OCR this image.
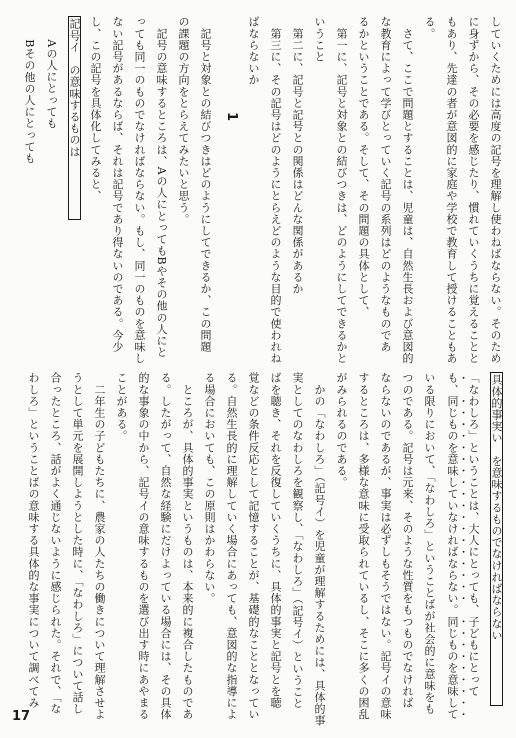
していくためには高度の記号を理解し使わねばならない。そのため
に身ずから、その必要を感じたり、慣れていくうちに覚えることと
もあり、先達の者が意図的に家庭や学校で教育して授けることもあ
る。
　さて、ここで問題とすることは、児童は、自然生長および意図的
な教育によって学びとっていく記号の系列はどのようなものであ
るかということである。そして、その問題の具体として、
　第一に、記号と対象との結びつきは、どのようにしてできるかと
いうこと
　第二に、記号と記号との関係はどんな関係があるか
　第三に、その記号はどのようにとらえどのような目的で使われね
ばならないか
1
　記号と対象との結びつきはどのようにしてできるか、この問題
の課題の方向をとらえてみたいと思う。
　記号の意味するところは、Aの人にとってもBやその他の人にと
っても同一のものでなければならない。もし、同一のものを意味し
ない記号があるならば、それは記号であり得ないのである。今少
し、この記号を具体化してみると、
記号イ　の意味するものは
　　Aの人にとっても
　　Bその他の人にとっても
具体的事実い　を意味するものでなければならない
「なわしろ」ということは、大人にとっても、子どもにとって
も、同じものを意味していなければならない。同じものを意味して
いる限りにおいて、「なわしろ」ということばが社会的に意味をも
つのである。記号は元来、そのような性質をもつものでなければ
ならないのであるが、事実は必ずしもそうではない。記号イの意味
するところは、多様な意味に受取られているし、そこに多くの困乱
がみられるのである。
　かの「なわしろ」（記号イ）を児童が理解するためには、具体的事
実としてのなわしろを観察し、「なわしろ」（記号イ）ということ
ばを聴き、それを反復していくうちに、具体的事実と記号とを聴
覚などの条件反応として記憶することが、基礎的なこととなってい
る。自然生長的に理解していく場合にあっても、意図的な指導によ
る場合においても、この原則はかわらない。
　ところが、具体的事実というものは、本来的に複合したものであ
る。したがって、自然な経験にだけよっている場合には、その具体
的な事象の中から、記号イの意味するものを選び出す時にあやまる
ことがある。
　二年生の子どもたちに、農家の人たちの働きについて理解させよ
うとして単元を展開しようとした時に、「なわしろ」について話し
合ったところ、話がよく通じないように感じられた。それで、「な
わしろ」ということばの意味する具体的な事実について調べてみ
17
